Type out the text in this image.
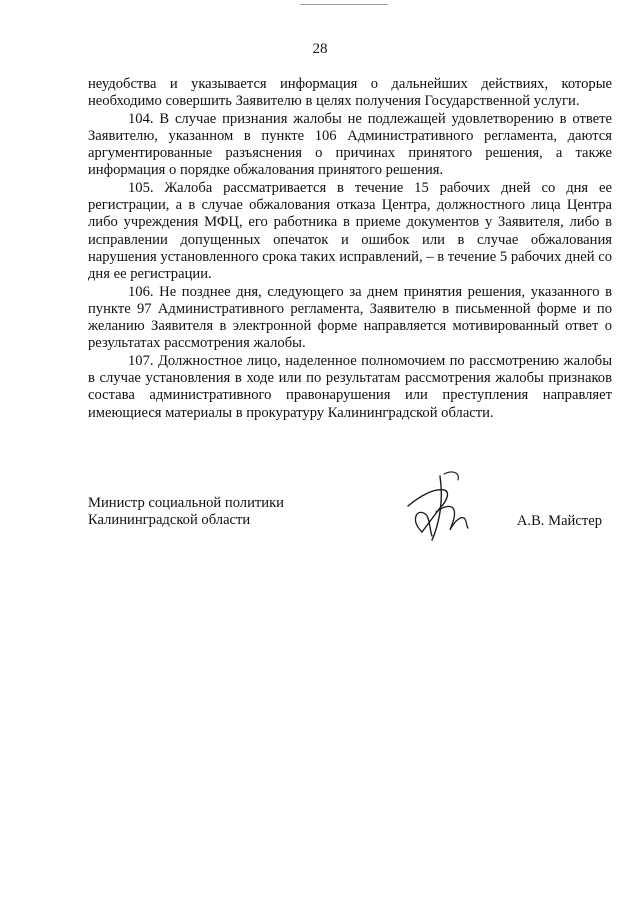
28

неудобства и указывается информация о дальнейших действиях, которые необходимо совершить Заявителю в целях получения Государственной услуги.

104. В случае признания жалобы не подлежащей удовлетворению в ответе Заявителю, указанном в пункте 106 Административного регламента, даются аргументированные разъяснения о причинах принятого решения, а также информация о порядке обжалования принятого решения.

105. Жалоба рассматривается в течение 15 рабочих дней со дня ее регистрации, а в случае обжалования отказа Центра, должностного лица Центра либо учреждения МФЦ, его работника в приеме документов у Заявителя, либо в исправлении допущенных опечаток и ошибок или в случае обжалования нарушения установленного срока таких исправлений, – в течение 5 рабочих дней со дня ее регистрации.

106. Не позднее дня, следующего за днем принятия решения, указанного в пункте 97 Административного регламента, Заявителю в письменной форме и по желанию Заявителя в электронной форме направляется мотивированный ответ о результатах рассмотрения жалобы.

107. Должностное лицо, наделенное полномочием по рассмотрению жалобы в случае установления в ходе или по результатам рассмотрения жалобы признаков состава административного правонарушения или преступления направляет имеющиеся материалы в прокуратуру Калининградской области.

Министр социальной политики
Калининградской области	А.В. Майстер
